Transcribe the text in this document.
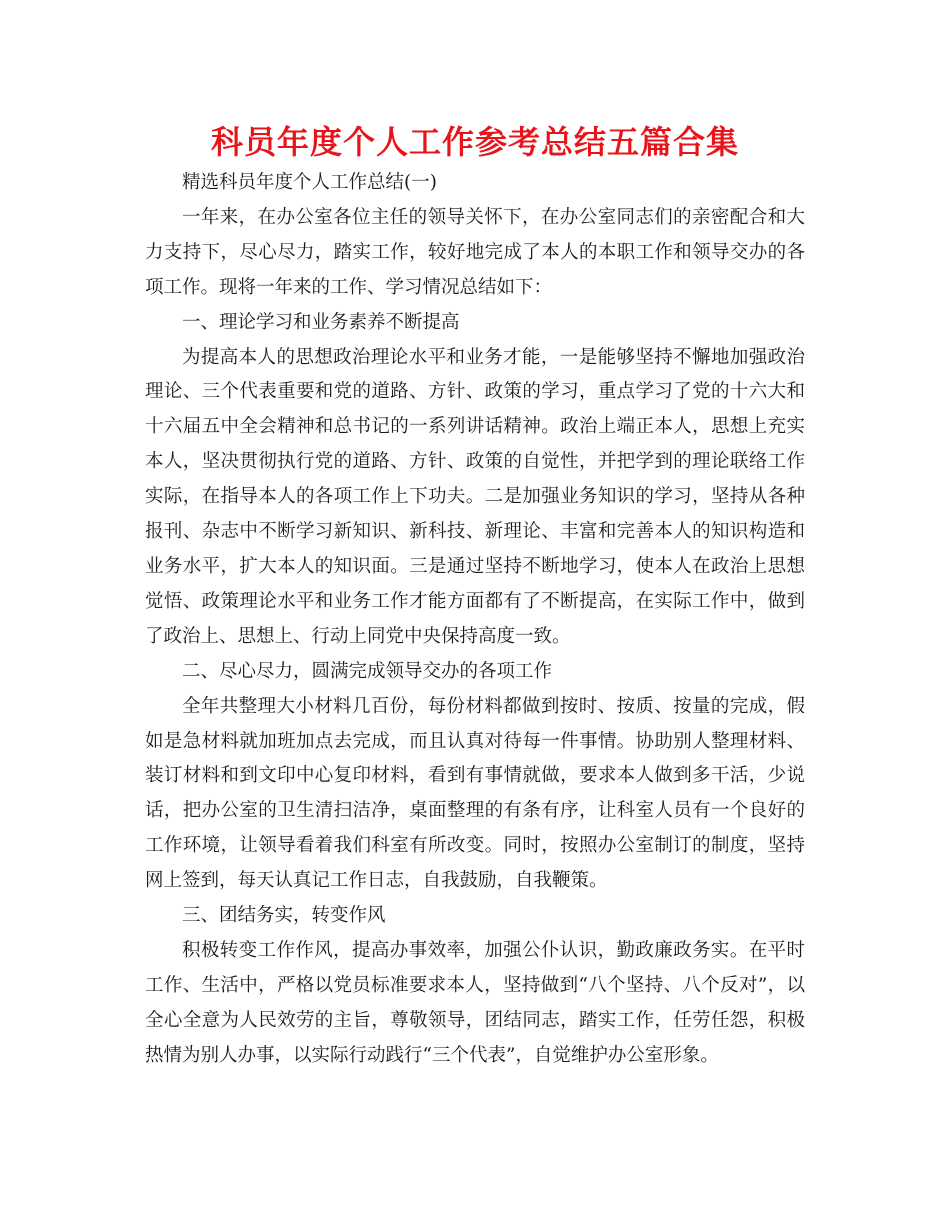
科员年度个人工作参考总结五篇合集

精选科员年度个人工作总结(一)

一年来，在办公室各位主任的领导关怀下，在办公室同志们的亲密配合和大力支持下，尽心尽力，踏实工作，较好地完成了本人的本职工作和领导交办的各项工作。现将一年来的工作、学习情况总结如下：

一、理论学习和业务素养不断提高

为提高本人的思想政治理论水平和业务才能，一是能够坚持不懈地加强政治理论、三个代表重要和党的道路、方针、政策的学习，重点学习了党的十六大和十六届五中全会精神和总书记的一系列讲话精神。政治上端正本人，思想上充实本人，坚决贯彻执行党的道路、方针、政策的自觉性，并把学到的理论联络工作实际，在指导本人的各项工作上下功夫。二是加强业务知识的学习，坚持从各种报刊、杂志中不断学习新知识、新科技、新理论、丰富和完善本人的知识构造和业务水平，扩大本人的知识面。三是通过坚持不断地学习，使本人在政治上思想觉悟、政策理论水平和业务工作才能方面都有了不断提高，在实际工作中，做到了政治上、思想上、行动上同党中央保持高度一致。

二、尽心尽力，圆满完成领导交办的各项工作

全年共整理大小材料几百份，每份材料都做到按时、按质、按量的完成，假如是急材料就加班加点去完成，而且认真对待每一件事情。协助别人整理材料、装订材料和到文印中心复印材料，看到有事情就做，要求本人做到多干活，少说话，把办公室的卫生清扫洁净，桌面整理的有条有序，让科室人员有一个良好的工作环境，让领导看着我们科室有所改变。同时，按照办公室制订的制度，坚持网上签到，每天认真记工作日志，自我鼓励，自我鞭策。

三、团结务实，转变作风

积极转变工作作风，提高办事效率，加强公仆认识，勤政廉政务实。在平时工作、生活中，严格以党员标准要求本人，坚持做到“八个坚持、八个反对”，以全心全意为人民效劳的主旨，尊敬领导，团结同志，踏实工作，任劳任怨，积极热情为别人办事，以实际行动践行“三个代表”，自觉维护办公室形象。
